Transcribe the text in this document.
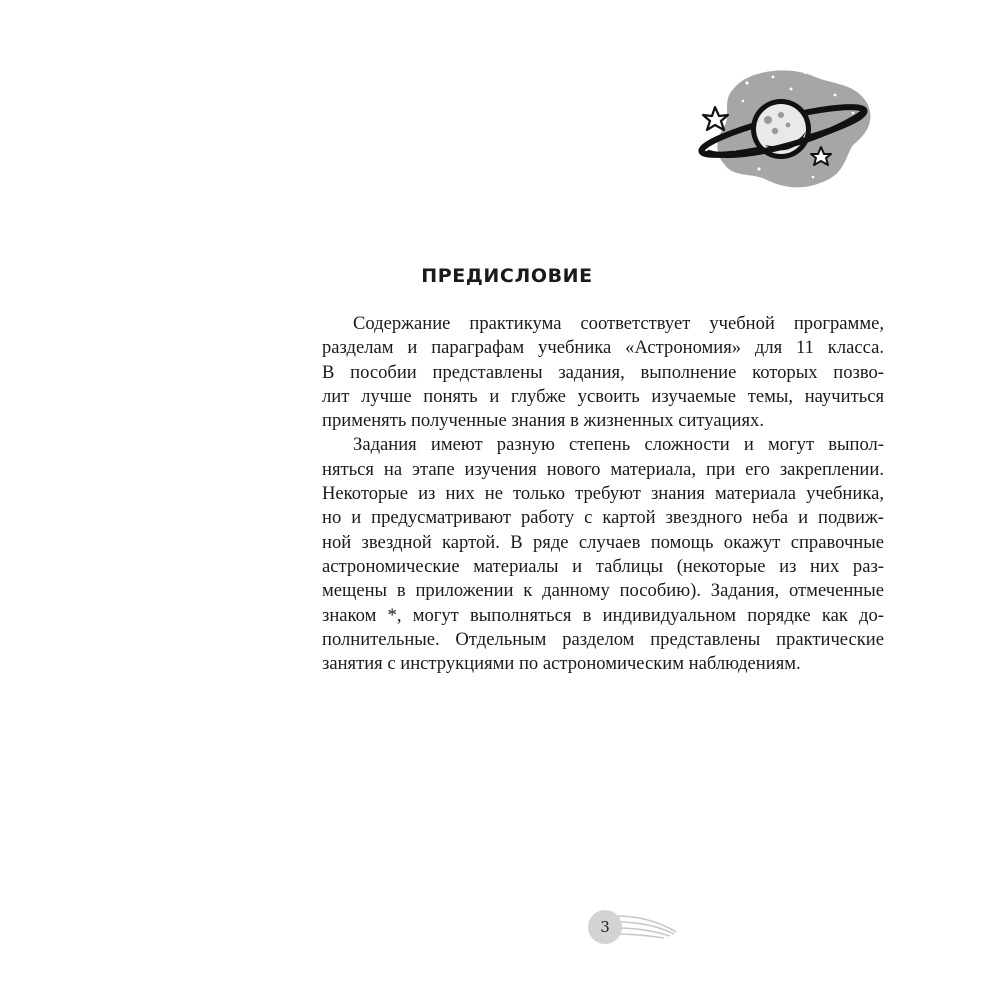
ПРЕДИСЛОВИЕ
Содержание практикума соответствует учебной программе,
разделам и параграфам учебника «Астрономия» для 11 класса.
В пособии представлены задания, выполнение которых позво-
лит лучше понять и глубже усвоить изучаемые темы, научиться
применять полученные знания в жизненных ситуациях.
Задания имеют разную степень сложности и могут выпол-
няться на этапе изучения нового материала, при его закреплении.
Некоторые из них не только требуют знания материала учебника,
но и предусматривают работу с картой звездного неба и подвиж-
ной звездной картой. В ряде случаев помощь окажут справочные
астрономические материалы и таблицы (некоторые из них раз-
мещены в приложении к данному пособию). Задания, отмеченные
знаком *, могут выполняться в индивидуальном порядке как до-
полнительные. Отдельным разделом представлены практические
занятия с инструкциями по астрономическим наблюдениям.
3
